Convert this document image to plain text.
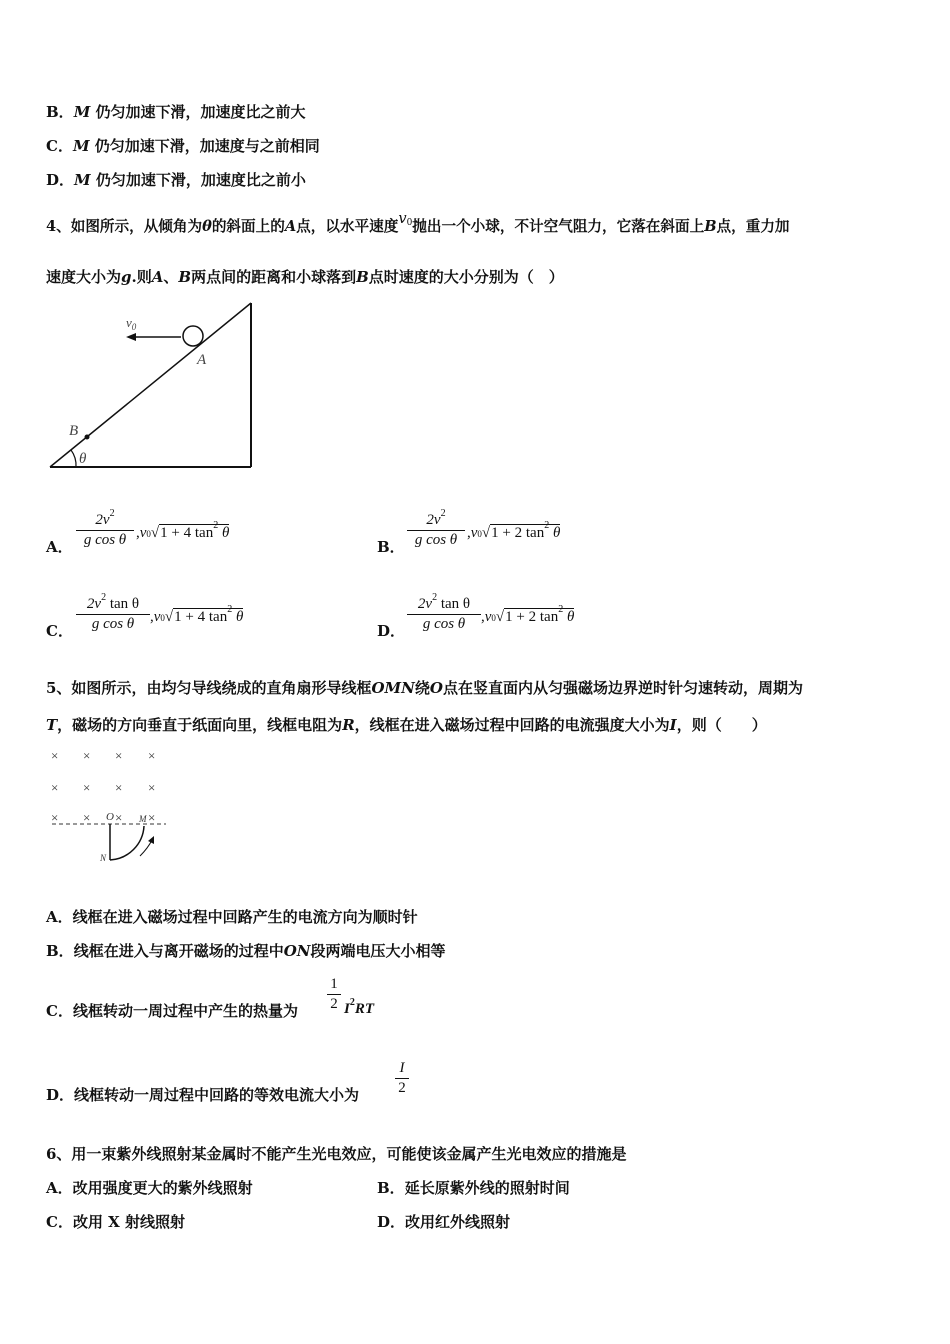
B．M 仍匀加速下滑，加速度比之前大
C．M 仍匀加速下滑，加速度与之前相同
D．M 仍匀加速下滑，加速度比之前小
4、如图所示，从倾角为θ的斜面上的A点，以水平速度$v^0$抛出一个小球，不计空气阻力，它落在斜面上B点，重力加
速度大小为g.则A、B两点间的距离和小球落到B点时速度的大小分别为（　）
$v_0$
A
B
θ
A．
$2v^2$
g cos θ ,v0√1 + 4 $\tan^2 \theta$
B．
$2v^2$
g cos θ ,v0√1 + 2 $\tan^2 \theta$
C．
$2v^2$ tan θ
g cos θ	,v0√1 + 4 $\tan^2 \theta$
D．
$2v^2$ tan θ
g cos θ	,v0√1 + 2 $\tan^2 \theta$
5、如图所示，由均匀导线绕成的直角扇形导线框OMN绕O点在竖直面内从匀强磁场边界逆时针匀速转动，周期为
T，磁场的方向垂直于纸面向里，线框电阻为R，线框在进入磁场过程中回路的电流强度大小为I，则（　　）
× × × ×
× × × ×
× × × ×
O	M
N
A．线框在进入磁场过程中回路产生的电流方向为顺时针
B．线框在进入与离开磁场的过程中ON段两端电压大小相等
C．线框转动一周过程中产生的热量为
1
2 $I^2RT$
D．线框转动一周过程中回路的等效电流大小为
I
2
6、用一束紫外线照射某金属时不能产生光电效应，可能使该金属产生光电效应的措施是
A．改用强度更大的紫外线照射	B．延长原紫外线的照射时间
C．改用 X 射线照射	D．改用红外线照射
